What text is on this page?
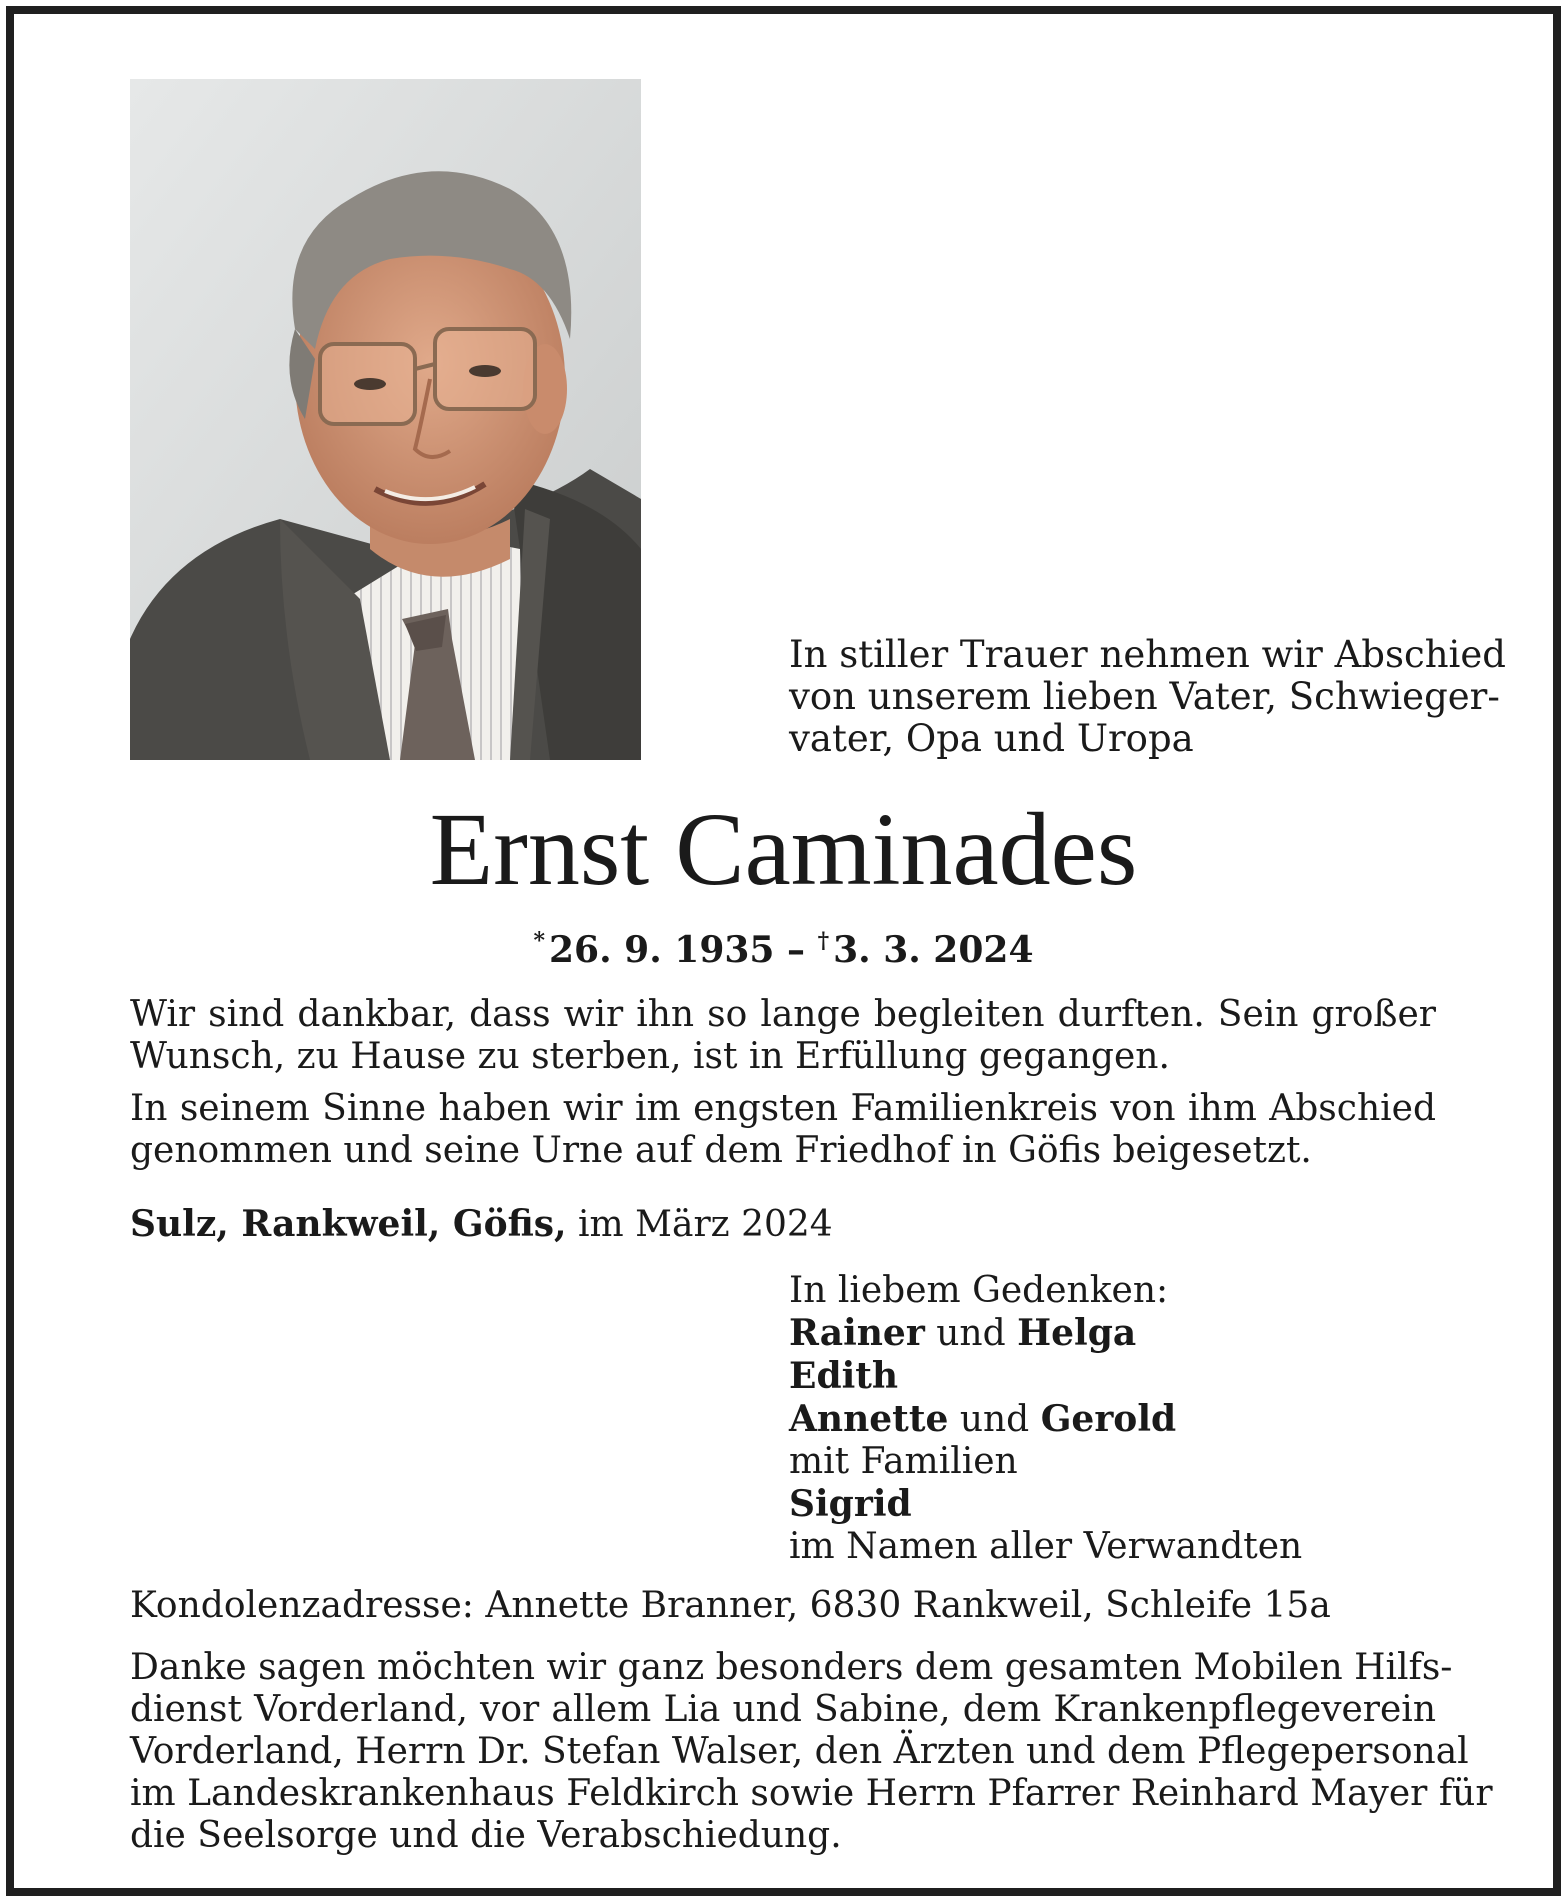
In stiller Trauer nehmen wir Abschied
von unserem lieben Vater, Schwieger-
vater, Opa und Uropa
Ernst Caminades
* 26. 9. 1935 – † 3. 3. 2024
Wir sind dankbar, dass wir ihn so lange begleiten durften. Sein großer
Wunsch, zu Hause zu sterben, ist in Erfüllung gegangen.
In seinem Sinne haben wir im engsten Familienkreis von ihm Abschied
genommen und seine Urne auf dem Friedhof in Göfis beigesetzt.
Sulz, Rankweil, Göfis, im März 2024
In liebem Gedenken:
Rainer und Helga
Edith
Annette und Gerold
mit Familien
Sigrid
im Namen aller Verwandten
Kondolenzadresse: Annette Branner, 6830 Rankweil, Schleife 15a
Danke sagen möchten wir ganz besonders dem gesamten Mobilen Hilfs-
dienst Vorderland, vor allem Lia und Sabine, dem Krankenpflegeverein
Vorderland, Herrn Dr. Stefan Walser, den Ärzten und dem Pflegepersonal
im Landeskrankenhaus Feldkirch sowie Herrn Pfarrer Reinhard Mayer für
die Seelsorge und die Verabschiedung.
